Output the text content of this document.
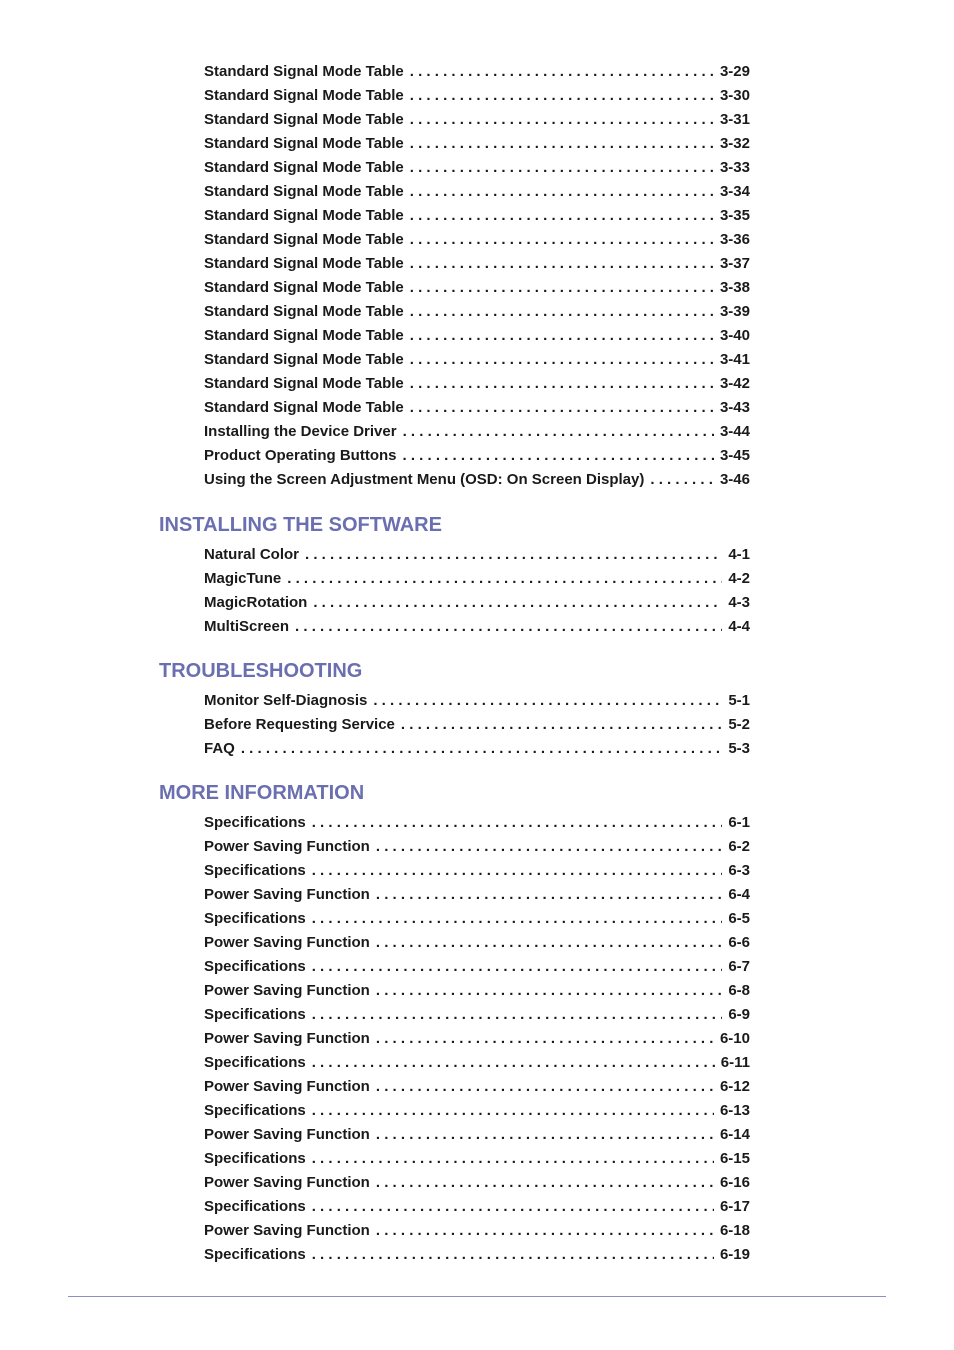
Standard Signal Mode Table . . .	3-29
Standard Signal Mode Table . . .	3-30
Standard Signal Mode Table . . .	3-31
Standard Signal Mode Table . . .	3-32
Standard Signal Mode Table . . .	3-33
Standard Signal Mode Table . . .	3-34
Standard Signal Mode Table . . .	3-35
Standard Signal Mode Table . . .	3-36
Standard Signal Mode Table . . .	3-37
Standard Signal Mode Table . . .	3-38
Standard Signal Mode Table . . .	3-39
Standard Signal Mode Table . . .	3-40
Standard Signal Mode Table . . .	3-41
Standard Signal Mode Table . . .	3-42
Standard Signal Mode Table . . .	3-43
Installing the Device Driver . . .	3-44
Product Operating Buttons . . .	3-45
Using the Screen Adjustment Menu (OSD: On Screen Display) . . .	3-46
INSTALLING THE SOFTWARE
Natural Color . . .	4-1
MagicTune . . .	4-2
MagicRotation . . .	4-3
MultiScreen . . .	4-4
TROUBLESHOOTING
Monitor Self-Diagnosis . . .	5-1
Before Requesting Service . . .	5-2
FAQ . . .	5-3
MORE INFORMATION
Specifications . . .	6-1
Power Saving Function . . .	6-2
Specifications . . .	6-3
Power Saving Function . . .	6-4
Specifications . . .	6-5
Power Saving Function . . .	6-6
Specifications . . .	6-7
Power Saving Function . . .	6-8
Specifications . . .	6-9
Power Saving Function . . .	6-10
Specifications . . .	6-11
Power Saving Function . . .	6-12
Specifications . . .	6-13
Power Saving Function . . .	6-14
Specifications . . .	6-15
Power Saving Function . . .	6-16
Specifications . . .	6-17
Power Saving Function . . .	6-18
Specifications . . .	6-19
